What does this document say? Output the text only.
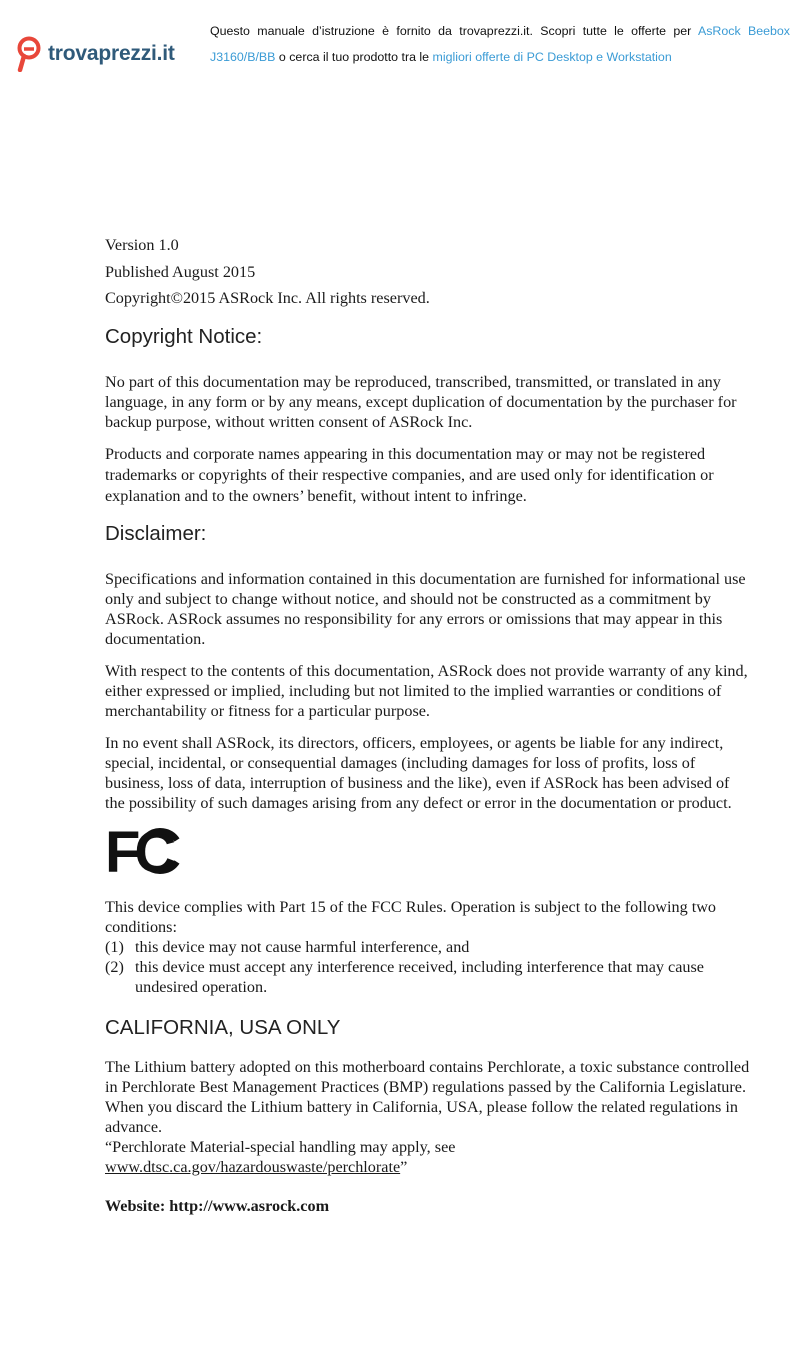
trovaprezzi.it
Questo manuale d’istruzione è fornito da trovaprezzi.it. Scopri tutte le offerte per AsRock Beebox J3160/B/BB o cerca il tuo prodotto tra le migliori offerte di PC Desktop e Workstation
Version 1.0
Published August 2015
Copyright©2015 ASRock Inc. All rights reserved.
Copyright Notice:

No part of this documentation may be reproduced, transcribed, transmitted, or translated in any language, in any form or by any means, except duplication of documentation by the purchaser for backup purpose, without written consent of ASRock Inc.

Products and corporate names appearing in this documentation may or may not be registered trademarks or copyrights of their respective companies, and are used only for identification or explanation and to the owners’ benefit, without intent to infringe.

Disclaimer:

Specifications and information contained in this documentation are furnished for informational use only and subject to change without notice, and should not be constructed as a commitment by ASRock. ASRock assumes no responsibility for any errors or omissions that may appear in this documentation.

With respect to the contents of this documentation, ASRock does not provide warranty of any kind, either expressed or implied, including but not limited to the implied warranties or conditions of merchantability or fitness for a particular purpose.

In no event shall ASRock, its directors, officers, employees, or agents be liable for any indirect, special, incidental, or consequential damages (including damages for loss of profits, loss of business, loss of data, interruption of business and the like), even if ASRock has been advised of the possibility of such damages arising from any defect or error in the documentation or product.

FC

This device complies with Part 15 of the FCC Rules. Operation is subject to the following two conditions:

(1) this device may not cause harmful interference, and
(2) this device must accept any interference received, including interference that may cause undesired operation.
CALIFORNIA, USA ONLY

The Lithium battery adopted on this motherboard contains Perchlorate, a toxic substance controlled in Perchlorate Best Management Practices (BMP) regulations passed by the California Legislature. When you discard the Lithium battery in California, USA, please follow the related regulations in advance.

“Perchlorate Material-special handling may apply, see www.dtsc.ca.gov/hazardouswaste/perchlorate”

Website: http://www.asrock.com
